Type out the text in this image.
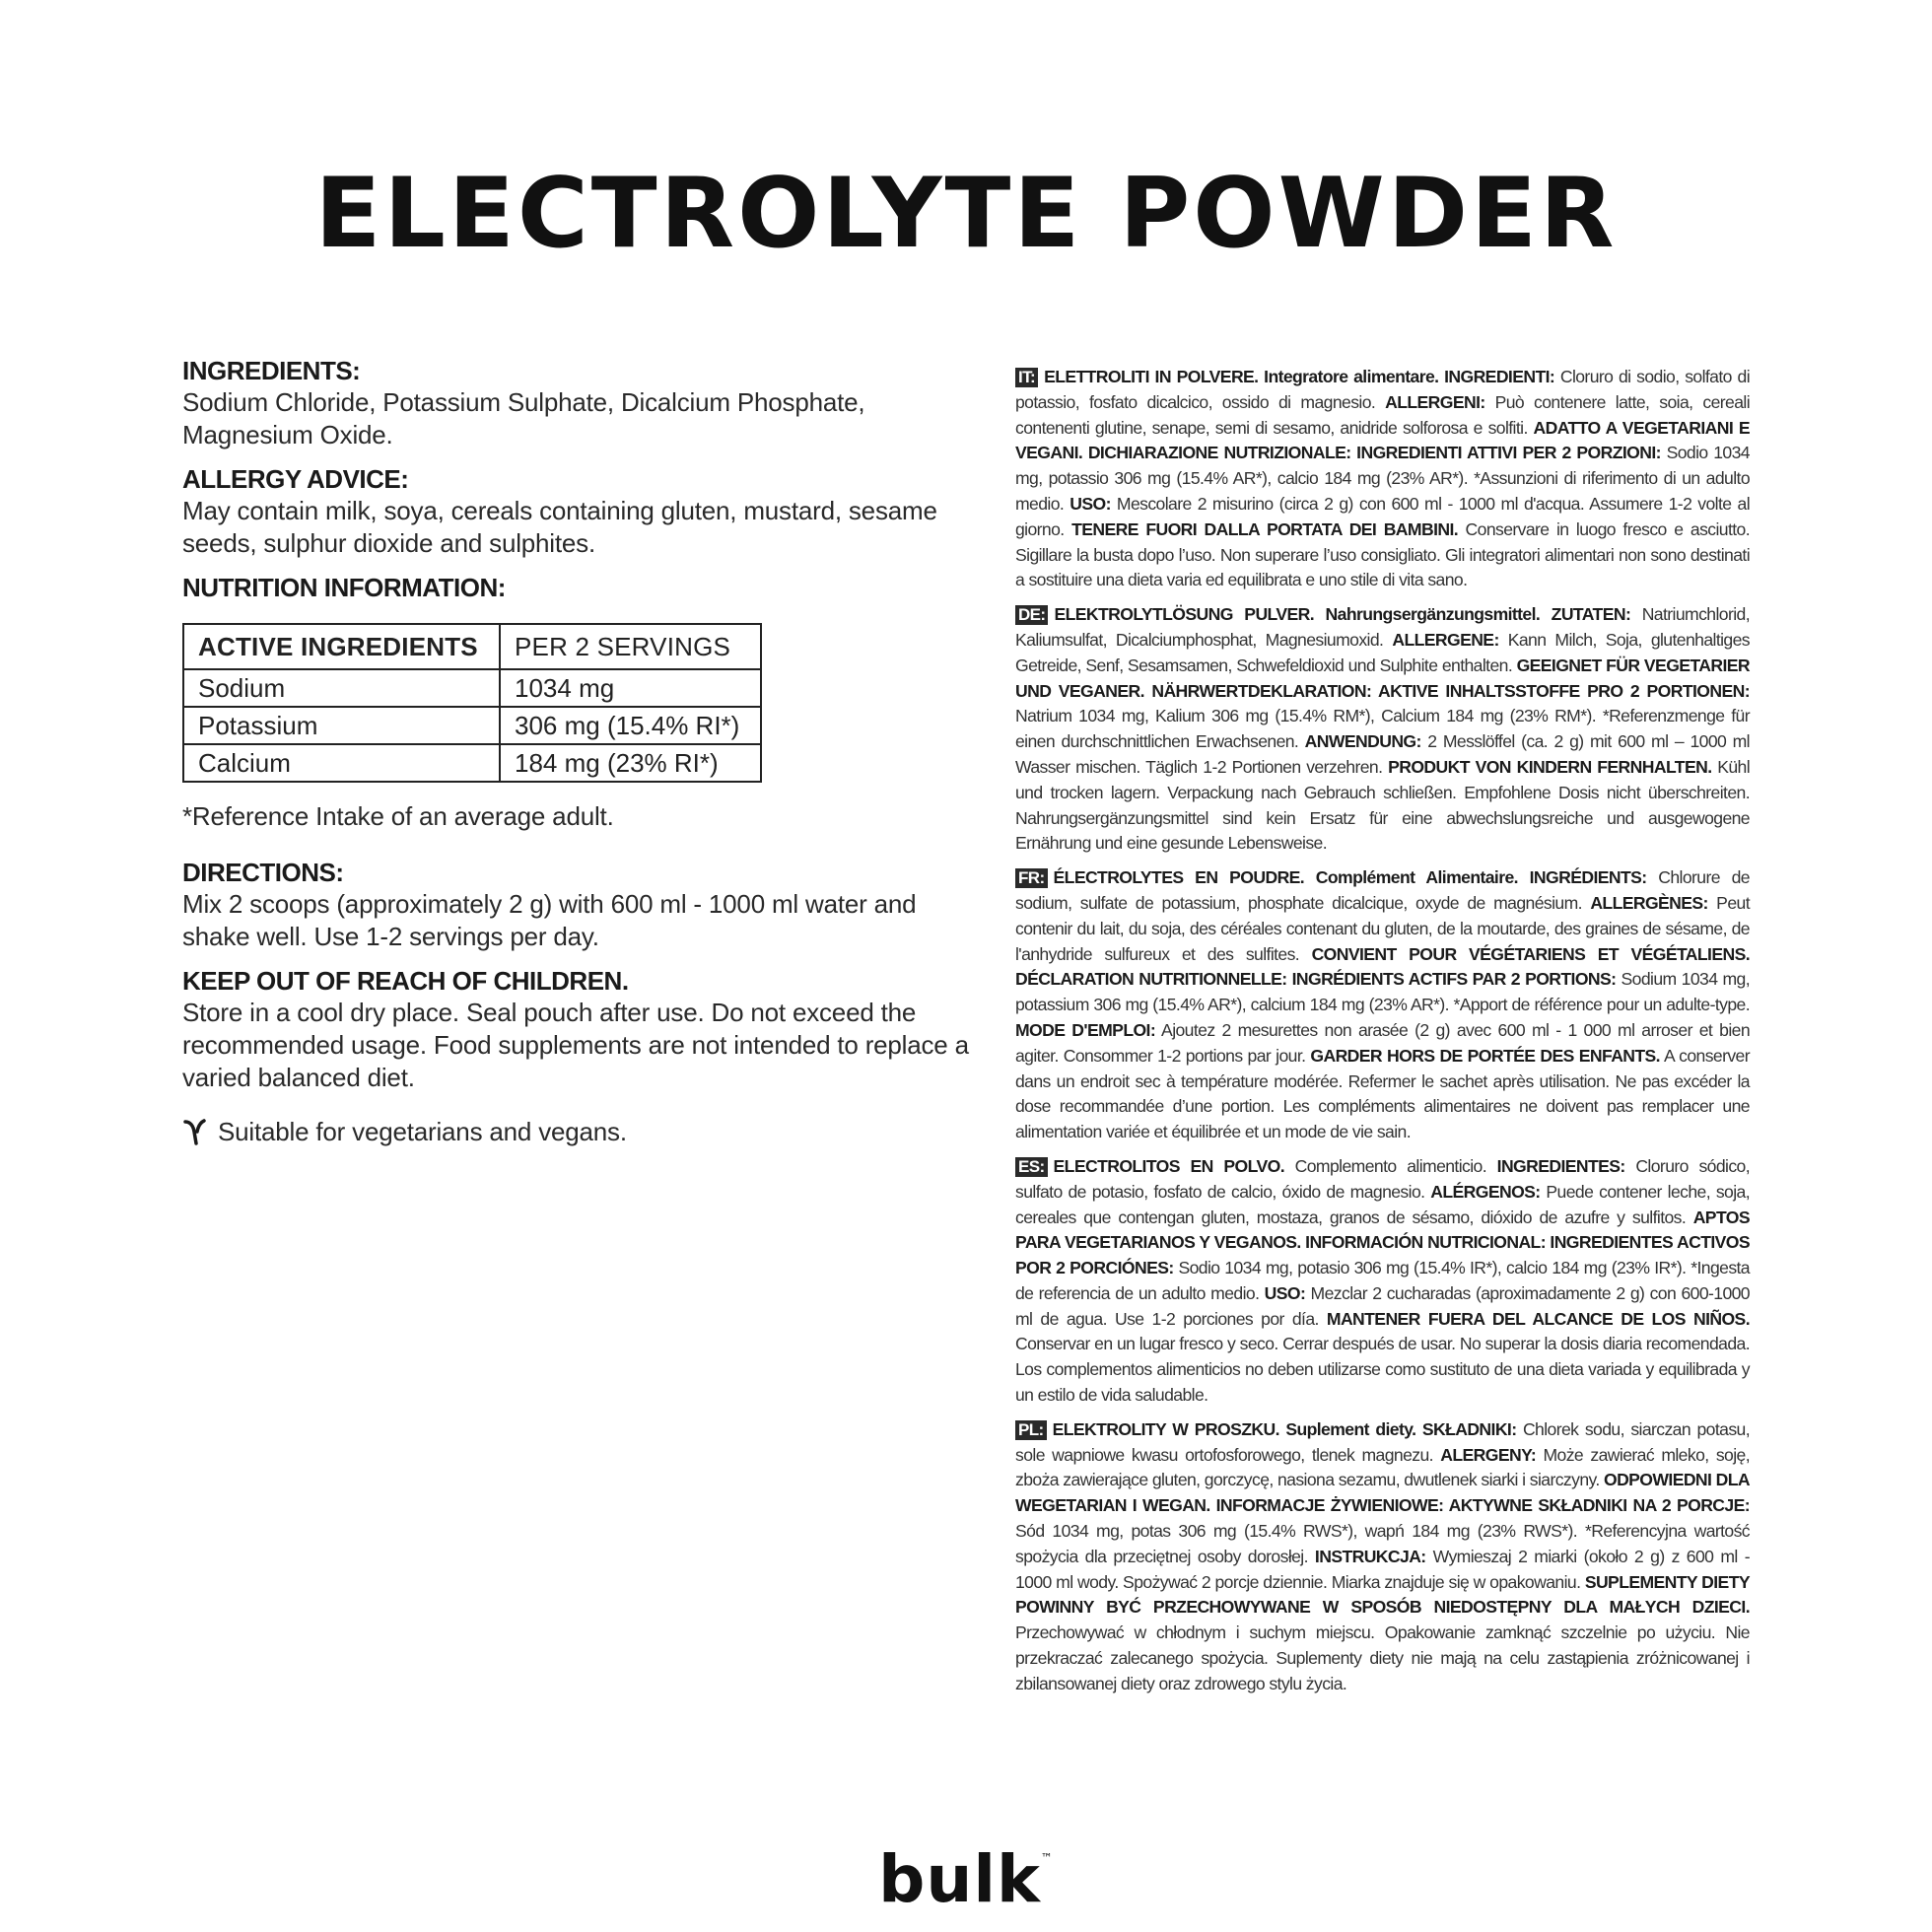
ELECTROLYTE POWDER
INGREDIENTS:
Sodium Chloride, Potassium Sulphate, Dicalcium Phosphate, Magnesium Oxide.
ALLERGY ADVICE:
May contain milk, soya, cereals containing gluten, mustard, sesame seeds, sulphur dioxide and sulphites.
NUTRITION INFORMATION:
ACTIVE INGREDIENTS	PER 2 SERVINGS
Sodium	1034 mg
Potassium	306 mg (15.4% RI*)
Calcium	184 mg (23% RI*)
*Reference Intake of an average adult.
DIRECTIONS:
Mix 2 scoops (approximately 2 g) with 600 ml - 1000 ml water and shake well. Use 1-2 servings per day.
KEEP OUT OF REACH OF CHILDREN.
Store in a cool dry place. Seal pouch after use. Do not exceed the recommended usage. Food supplements are not intended to replace a varied balanced diet.
Suitable for vegetarians and vegans.

IT: ELETTROLITI IN POLVERE. Integratore alimentare. INGREDIENTI: Cloruro di sodio, solfato di potassio, fosfato dicalcico, ossido di magnesio. ALLERGENI: Può contenere latte, soia, cereali contenenti glutine, senape, semi di sesamo, anidride solforosa e solfiti. ADATTO A VEGETARIANI E VEGANI. DICHIARAZIONE NUTRIZIONALE: INGREDIENTI ATTIVI PER 2 PORZIONI: Sodio 1034 mg, potassio 306 mg (15.4% AR*), calcio 184 mg (23% AR*). *Assunzioni di riferimento di un adulto medio. USO: Mescolare 2 misurino (circa 2 g) con 600 ml - 1000 ml d'acqua. Assumere 1-2 volte al giorno. TENERE FUORI DALLA PORTATA DEI BAMBINI. Conservare in luogo fresco e asciutto. Sigillare la busta dopo l’uso. Non superare l’uso consigliato. Gli integratori alimentari non sono destinati a sostituire una dieta varia ed equilibrata e uno stile di vita sano.

DE: ELEKTROLYTLÖSUNG PULVER. Nahrungsergänzungsmittel. ZUTATEN: Natriumchlorid, Kaliumsulfat, Dicalciumphosphat, Magnesiumoxid. ALLERGENE: Kann Milch, Soja, glutenhaltiges Getreide, Senf, Sesamsamen, Schwefeldioxid und Sulphite enthalten. GEEIGNET FÜR VEGETARIER UND VEGANER. NÄHRWERTDEKLARATION: AKTIVE INHALTSSTOFFE PRO 2 PORTIONEN: Natrium 1034 mg, Kalium 306 mg (15.4% RM*), Calcium 184 mg (23% RM*). *Referenzmenge für einen durchschnittlichen Erwachsenen. ANWENDUNG: 2 Messlöffel (ca. 2 g) mit 600 ml – 1000 ml Wasser mischen. Täglich 1-2 Portionen verzehren. PRODUKT VON KINDERN FERNHALTEN. Kühl und trocken lagern. Verpackung nach Gebrauch schließen. Empfohlene Dosis nicht überschreiten. Nahrungsergänzungsmittel sind kein Ersatz für eine abwechslungsreiche und ausgewogene Ernährung und eine gesunde Lebensweise.

FR: ÉLECTROLYTES EN POUDRE. Complément Alimentaire. INGRÉDIENTS: Chlorure de sodium, sulfate de potassium, phosphate dicalcique, oxyde de magnésium. ALLERGÈNES: Peut contenir du lait, du soja, des céréales contenant du gluten, de la moutarde, des graines de sésame, de l'anhydride sulfureux et des sulfites. CONVIENT POUR VÉGÉTARIENS ET VÉGÉTALIENS. DÉCLARATION NUTRITIONNELLE: INGRÉDIENTS ACTIFS PAR 2 PORTIONS: Sodium 1034 mg, potassium 306 mg (15.4% AR*), calcium 184 mg (23% AR*). *Apport de référence pour un adulte-type. MODE D'EMPLOI: Ajoutez 2 mesurettes non arasée (2 g) avec 600 ml - 1 000 ml arroser et bien agiter. Consommer 1-2 portions par jour. GARDER HORS DE PORTÉE DES ENFANTS. A conserver dans un endroit sec à température modérée. Refermer le sachet après utilisation. Ne pas excéder la dose recommandée d’une portion. Les compléments alimentaires ne doivent pas remplacer une alimentation variée et équilibrée et un mode de vie sain.

ES: ELECTROLITOS EN POLVO. Complemento alimenticio. INGREDIENTES: Cloruro sódico, sulfato de potasio, fosfato de calcio, óxido de magnesio. ALÉRGENOS: Puede contener leche, soja, cereales que contengan gluten, mostaza, granos de sésamo, dióxido de azufre y sulfitos. APTOS PARA VEGETARIANOS Y VEGANOS. INFORMACIÓN NUTRICIONAL: INGREDIENTES ACTIVOS POR 2 PORCIÓNES: Sodio 1034 mg, potasio 306 mg (15.4% IR*), calcio 184 mg (23% IR*). *Ingesta de referencia de un adulto medio. USO: Mezclar 2 cucharadas (aproximadamente 2 g) con 600-1000 ml de agua. Use 1-2 porciones por día. MANTENER FUERA DEL ALCANCE DE LOS NIÑOS. Conservar en un lugar fresco y seco. Cerrar después de usar. No superar la dosis diaria recomendada. Los complementos alimenticios no deben utilizarse como sustituto de una dieta variada y equilibrada y un estilo de vida saludable.

PL: ELEKTROLITY W PROSZKU. Suplement diety. SKŁADNIKI: Chlorek sodu, siarczan potasu, sole wapniowe kwasu ortofosforowego, tlenek magnezu. ALERGENY: Może zawierać mleko, soję, zboża zawierające gluten, gorczycę, nasiona sezamu, dwutlenek siarki i siarczyny. ODPOWIEDNI DLA WEGETARIAN I WEGAN. INFORMACJE ŻYWIENIOWE: AKTYWNE SKŁADNIKI NA 2 PORCJE: Sód 1034 mg, potas 306 mg (15.4% RWS*), wapń 184 mg (23% RWS*). *Referencyjna wartość spożycia dla przeciętnej osoby dorosłej. INSTRUKCJA: Wymieszaj 2 miarki (około 2 g) z 600 ml - 1000 ml wody. Spożywać 2 porcje dziennie. Miarka znajduje się w opakowaniu. SUPLEMENTY DIETY POWINNY BYĆ PRZECHOWYWANE W SPOSÓB NIEDOSTĘPNY DLA MAŁYCH DZIECI. Przechowywać w chłodnym i suchym miejscu. Opakowanie zamknąć szczelnie po użyciu. Nie przekraczać zalecanego spożycia. Suplementy diety nie mają na celu zastąpienia zróżnicowanej i zbilansowanej diety oraz zdrowego stylu życia.

bulk™
